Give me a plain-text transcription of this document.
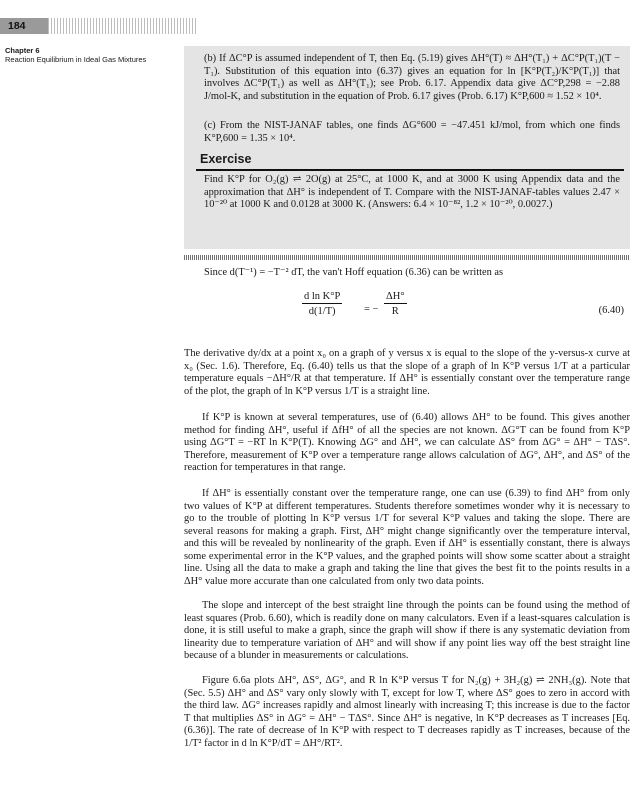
184
Chapter 6
Reaction Equilibrium in Ideal Gas Mixtures	(b) If ΔC°P is assumed independent of T, then Eq. (5.19) gives ΔH°(T) ≈ ΔH°(T₁) + ΔC°P(T₁)(T − T₁). Substitution of this equation into (6.37) gives an equation for ln [K°P(T₂)/K°P(T₁)] that involves ΔC°P(T₁) as well as ΔH°(T₁); see Prob. 6.17. Appendix data give ΔC°P,298 = −2.88 J/mol-K, and substitution in the equation of Prob. 6.17 gives (Prob. 6.17) K°P,600 ≈ 1.52 × 10⁴.

(c) From the NIST-JANAF tables, one finds ΔG°600 = −47.451 kJ/mol, from which one finds K°P,600 = 1.35 × 10⁴.

Exercise

Find K°P for O₂(g) ⇌ 2O(g) at 25°C, at 1000 K, and at 3000 K using Appendix data and the approximation that ΔH° is independent of T. Compare with the NIST-JANAF-tables values 2.47 × 10⁻²⁰ at 1000 K and 0.0128 at 3000 K. (Answers: 6.4 × 10⁻⁸², 1.2 × 10⁻²⁰, 0.0027.)

Since d(T⁻¹) = −T⁻² dT, the van't Hoff equation (6.36) can be written as

d ln K°P
d(1/T)	= −
ΔH°
R	(6.40)

The derivative dy/dx at a point x₀ on a graph of y versus x is equal to the slope of the y-versus-x curve at x₀ (Sec. 1.6). Therefore, Eq. (6.40) tells us that the slope of a graph of ln K°P versus 1/T at a particular temperature equals −ΔH°/R at that temperature. If ΔH° is essentially constant over the temperature range of the plot, the graph of ln K°P versus 1/T is a straight line.

If K°P is known at several temperatures, use of (6.40) allows ΔH° to be found. This gives another method for finding ΔH°, useful if ΔfH° of all the species are not known. ΔG°T can be found from K°P using ΔG°T = −RT ln K°P(T). Knowing ΔG° and ΔH°, we can calculate ΔS° from ΔG° = ΔH° − TΔS°. Therefore, measurement of K°P over a temperature range allows calculation of ΔG°, ΔH°, and ΔS° of the reaction for temperatures in that range.

If ΔH° is essentially constant over the temperature range, one can use (6.39) to find ΔH° from only two values of K°P at different temperatures. Students therefore sometimes wonder why it is necessary to go to the trouble of plotting ln K°P versus 1/T for several K°P values and taking the slope. There are several reasons for making a graph. First, ΔH° might change significantly over the temperature interval, and this will be revealed by nonlinearity of the graph. Even if ΔH° is essentially constant, there is always some experimental error in the K°P values, and the graphed points will show some scatter about a straight line. Using all the data to make a graph and taking the line that gives the best fit to the points results in a ΔH° value more accurate than one calculated from only two data points.

The slope and intercept of the best straight line through the points can be found using the method of least squares (Prob. 6.60), which is readily done on many calculators. Even if a least-squares calculation is done, it is still useful to make a graph, since the graph will show if there is any systematic deviation from linearity due to temperature variation of ΔH° and will show if any point lies way off the best straight line because of a blunder in measurements or calculations.

Figure 6.6a plots ΔH°, ΔS°, ΔG°, and R ln K°P versus T for N₂(g) + 3H₂(g) ⇌ 2NH₃(g). Note that (Sec. 5.5) ΔH° and ΔS° vary only slowly with T, except for low T, where ΔS° goes to zero in accord with the third law. ΔG° increases rapidly and almost linearly with increasing T; this increase is due to the factor T that multiplies ΔS° in ΔG° = ΔH° − TΔS°. Since ΔH° is negative, ln K°P decreases as T increases [Eq. (6.36)]. The rate of decrease of ln K°P with respect to T decreases rapidly as T increases, because of the 1/T² factor in d ln K°P/dT = ΔH°/RT².
